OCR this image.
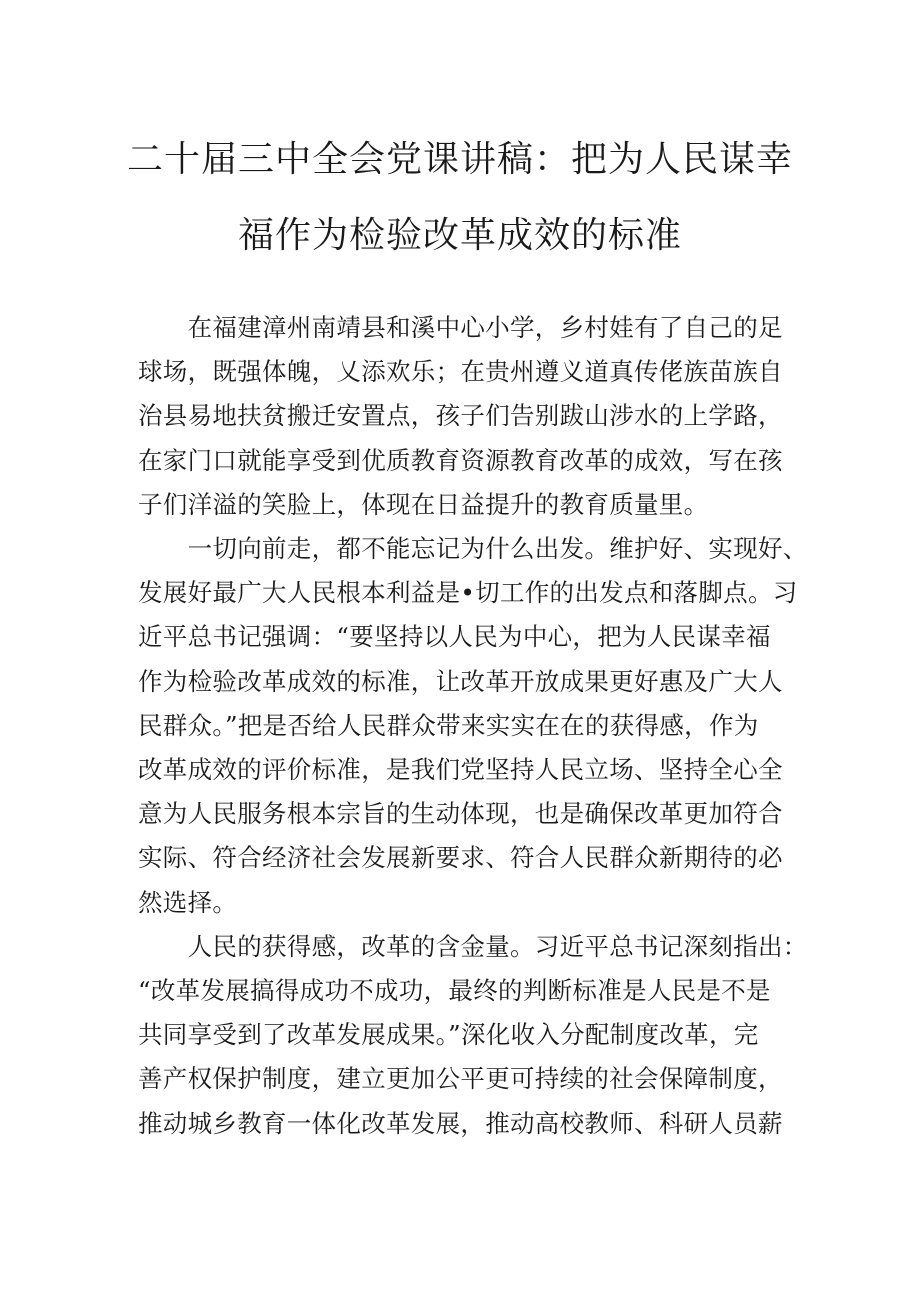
二十届三中全会党课讲稿：把为人民谋幸
福作为检验改革成效的标准
　　在福建漳州南靖县和溪中心小学，乡村娃有了自己的足
球场，既强体魄，乂添欢乐；在贵州遵义道真传佬族苗族自
治县易地扶贫搬迁安置点，孩子们告别跋山涉水的上学路，
在家门口就能享受到优质教育资源教育改革的成效，写在孩
子们洋溢的笑脸上，体现在日益提升的教育质量里。
　　一切向前走，都不能忘记为什么出发。维护好、实现好、
发展好最广大人民根本利益是•切工作的出发点和落脚点。习
近平总书记强调：“要坚持以人民为中心，把为人民谋幸福
作为检验改革成效的标准，让改革开放成果更好惠及广大人
民群众。”把是否给人民群众带来实实在在的获得感，作为
改革成效的评价标准，是我们党坚持人民立场、坚持全心全
意为人民服务根本宗旨的生动体现，也是确保改革更加符合
实际、符合经济社会发展新要求、符合人民群众新期待的必
然选择。
　　人民的获得感，改革的含金量。习近平总书记深刻指出：
“改革发展搞得成功不成功，最终的判断标准是人民是不是
共同享受到了改革发展成果。”深化收入分配制度改革，完
善产权保护制度，建立更加公平更可持续的社会保障制度，
推动城乡教育一体化改革发展，推动高校教师、科研人员薪
